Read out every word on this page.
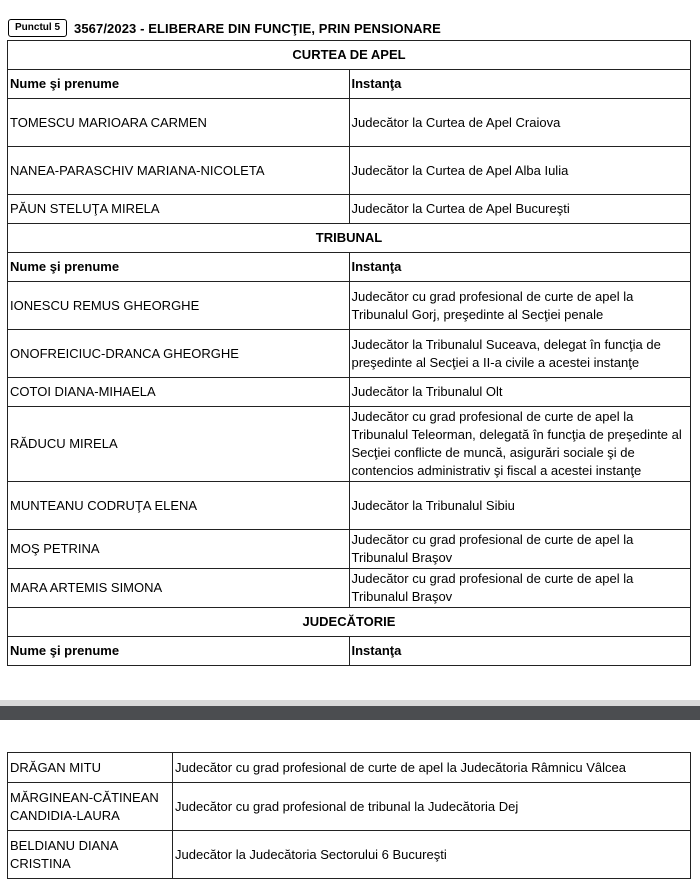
Punctul 5	3567/2023 - ELIBERARE DIN FUNCŢIE, PRIN PENSIONARE
CURTEA DE APEL	
Nume şi prenume	Instanţa
TOMESCU MARIOARA CARMEN	Judecător la Curtea de Apel Craiova
NANEA-PARASCHIV MARIANA-NICOLETA	Judecător la Curtea de Apel Alba Iulia
PĂUN STELUŢA MIRELA	Judecător la Curtea de Apel Bucureşti
TRIBUNAL	
Nume şi prenume	Instanţa
IONESCU REMUS GHEORGHE	Judecător cu grad profesional de curte de apel la Tribunalul Gorj, preşedinte al Secţiei penale
ONOFREICIUC-DRANCA GHEORGHE	Judecător la Tribunalul Suceava, delegat în funcţia de preşedinte al Secţiei a II-a civile a acestei instanţe
COTOI DIANA-MIHAELA	Judecător la Tribunalul Olt
RĂDUCU MIRELA	Judecător cu grad profesional de curte de apel la Tribunalul Teleorman, delegată în funcţia de preşedinte al Secţiei conflicte de muncă, asigurări sociale şi de contencios administrativ şi fiscal a acestei instanţe
MUNTEANU CODRUŢA ELENA	Judecător la Tribunalul Sibiu
MOŞ PETRINA	Judecător cu grad profesional de curte de apel la Tribunalul Braşov
MARA ARTEMIS SIMONA	Judecător cu grad profesional de curte de apel la Tribunalul Braşov
JUDECĂTORIE	
Nume şi prenume	Instanţa
DRĂGAN MITU	Judecător cu grad profesional de curte de apel la Judecătoria Râmnicu Vâlcea
MĂRGINEAN-CĂTINEAN CANDIDIA-LAURA	Judecător cu grad profesional de tribunal la Judecătoria Dej
BELDIANU DIANA CRISTINA	Judecător la Judecătoria Sectorului 6 Bucureşti
